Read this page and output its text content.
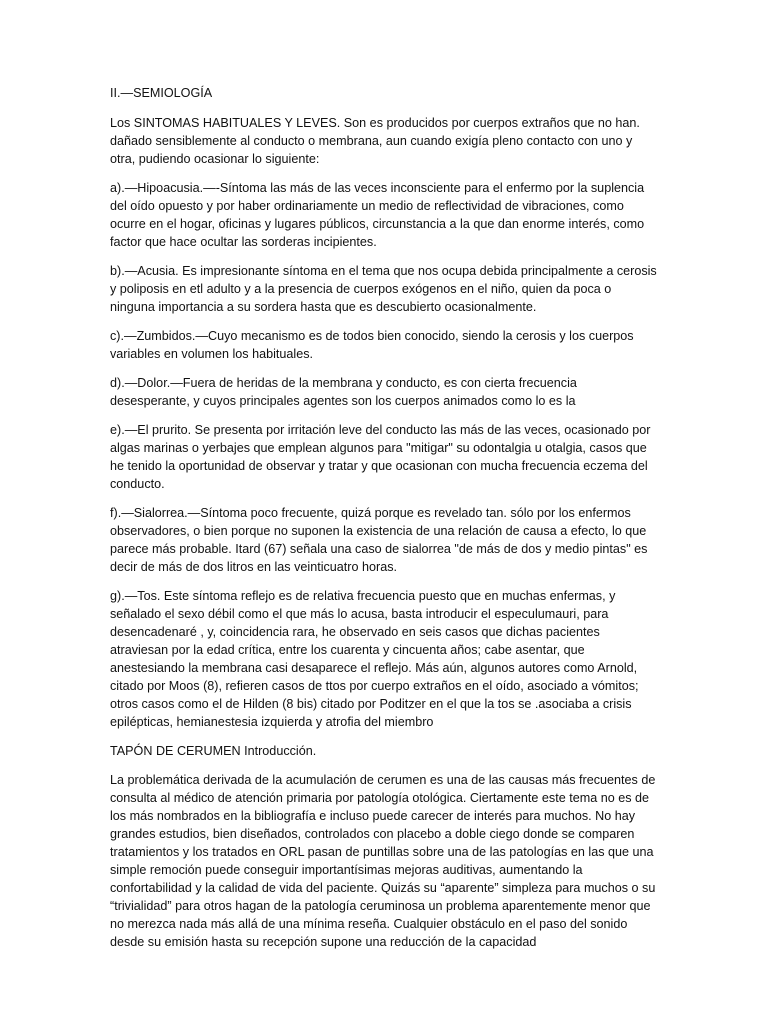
II.—SEMIOLOGÍA

Los SINTOMAS HABITUALES Y LEVES. Son es producidos por cuerpos extraños que no han. dañado sensiblemente al conducto o membrana, aun cuando exigía pleno contacto con uno y otra, pudiendo ocasionar lo siguiente:

a).—Hipoacusia.—-Síntoma las más de las veces inconsciente para el enfermo por la suplencia del oído opuesto y por haber ordinariamente un medio de reflectividad de vibraciones, como ocurre en el hogar, oficinas y lugares públicos, circunstancia a la que dan enorme interés, como factor que hace ocultar las sorderas incipientes.

b).—Acusia. Es impresionante síntoma en el tema que nos ocupa debida principalmente a cerosis y poliposis en etl adulto y a la presencia de cuerpos exógenos en el niño, quien da poca o ninguna importancia a su sordera hasta que es descubierto ocasionalmente.

c).—Zumbidos.—Cuyo mecanismo es de todos bien conocido, siendo la cerosis y los cuerpos variables en volumen los habituales.

d).—Dolor.—Fuera de heridas de la membrana y conducto, es con cierta frecuencia desesperante, y cuyos principales agentes son los cuerpos animados como lo es la

e).—El prurito. Se presenta por irritación leve del conducto las más de las veces, ocasionado por algas marinas o yerbajes que emplean algunos para "mitigar" su odontalgia u otalgia, casos que he tenido la oportunidad de observar y tratar y que ocasionan con mucha frecuencia eczema del conducto.

f).—Sialorrea.—Síntoma poco frecuente, quizá porque es revelado tan. sólo por los enfermos observadores, o bien porque no suponen la existencia de una relación de causa a efecto, lo que parece más probable. Itard (67) señala una caso de sialorrea "de más de dos y medio pintas" es decir de más de dos litros en las veinticuatro horas.

g).—Tos. Este síntoma reflejo es de relativa frecuencia puesto que en muchas enfermas, y señalado el sexo débil como el que más lo acusa, basta introducir el especulumauri, para desencadenaré , y, coincidencia rara, he observado en seis casos que dichas pacientes atraviesan por la edad crítica, entre los cuarenta y cincuenta años; cabe asentar, que anestesiando la membrana casi desaparece el reflejo. Más aún, algunos autores como Arnold, citado por Moos (8), refieren casos de ttos por cuerpo extraños en el oído, asociado a vómitos; otros casos como el de Hilden (8 bis) citado por Poditzer en el que la tos se .asociaba a crisis epilépticas, hemianestesia izquierda y atrofia del miembro

TAPÓN DE CERUMEN Introducción.

La problemática derivada de la acumulación de cerumen es una de las causas más frecuentes de consulta al médico de atención primaria por patología otológica. Ciertamente este tema no es de los más nombrados en la bibliografía e incluso puede carecer de interés para muchos. No hay grandes estudios, bien diseñados, controlados con placebo a doble ciego donde se comparen tratamientos y los tratados en ORL pasan de puntillas sobre una de las patologías en las que una simple remoción puede conseguir importantísimas mejoras auditivas, aumentando la confortabilidad y la calidad de vida del paciente. Quizás su “aparente” simpleza para muchos o su “trivialidad” para otros hagan de la patología ceruminosa un problema aparentemente menor que no merezca nada más allá de una mínima reseña. Cualquier obstáculo en el paso del sonido desde su emisión hasta su recepción supone una reducción de la capacidad
